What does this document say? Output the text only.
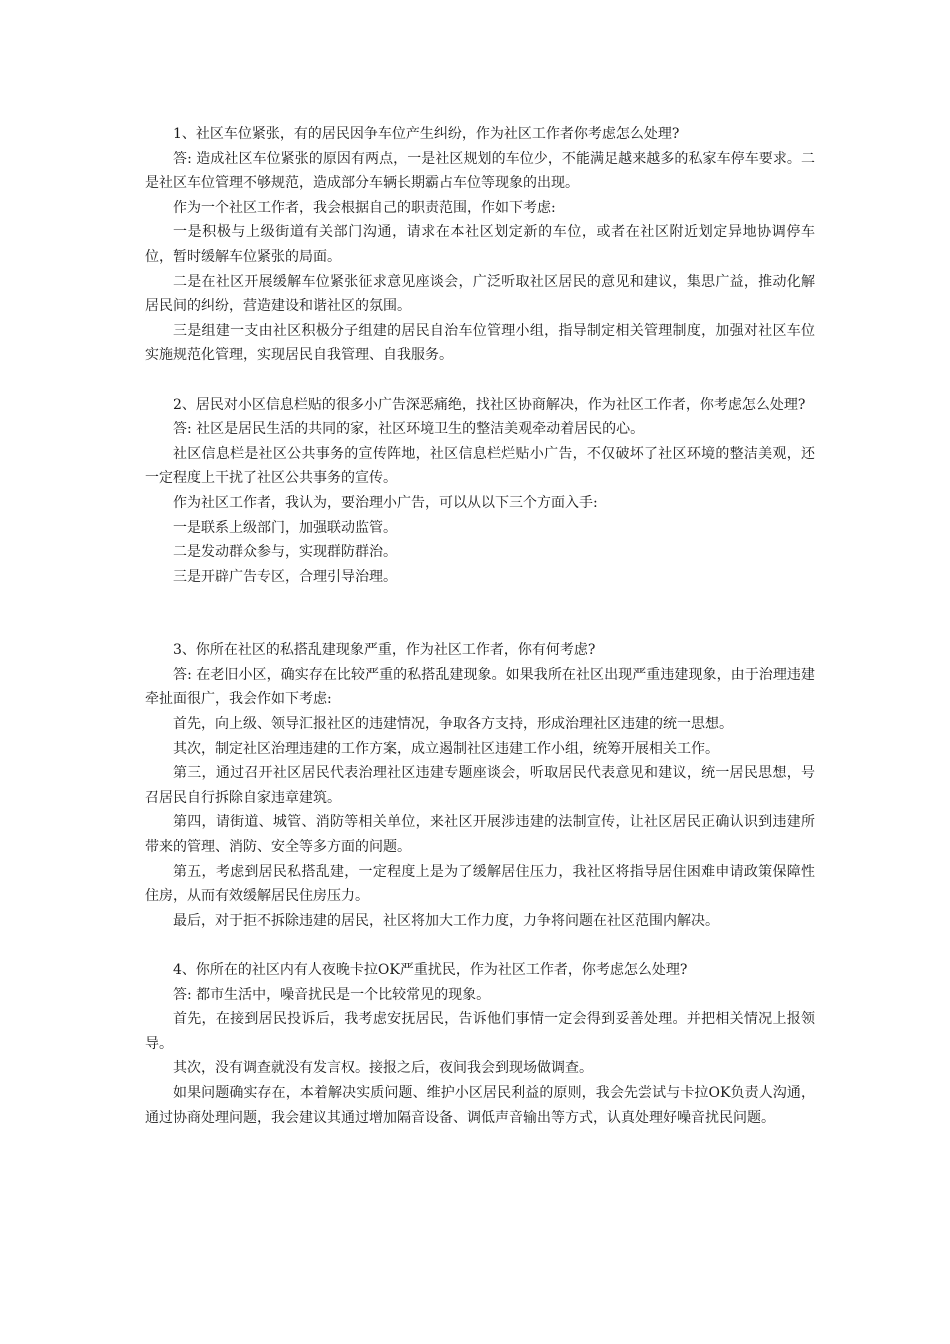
1、社区车位紧张，有的居民因争车位产生纠纷，作为社区工作者你考虑怎么处理?

答: 造成社区车位紧张的原因有两点，一是社区规划的车位少，不能满足越来越多的私家车停车要求。二是社区车位管理不够规范，造成部分车辆长期霸占车位等现象的出现。

作为一个社区工作者，我会根据自己的职责范围，作如下考虑:

一是积极与上级街道有关部门沟通，请求在本社区划定新的车位，或者在社区附近划定异地协调停车位，暂时缓解车位紧张的局面。

二是在社区开展缓解车位紧张征求意见座谈会，广泛听取社区居民的意见和建议，集思广益，推动化解居民间的纠纷，营造建设和谐社区的氛围。

三是组建一支由社区积极分子组建的居民自治车位管理小组，指导制定相关管理制度，加强对社区车位实施规范化管理，实现居民自我管理、自我服务。

2、居民对小区信息栏贴的很多小广告深恶痛绝，找社区协商解决，作为社区工作者，你考虑怎么处理?

答: 社区是居民生活的共同的家，社区环境卫生的整洁美观牵动着居民的心。

社区信息栏是社区公共事务的宣传阵地，社区信息栏烂贴小广告，不仅破坏了社区环境的整洁美观，还一定程度上干扰了社区公共事务的宣传。

作为社区工作者，我认为，要治理小广告，可以从以下三个方面入手:

一是联系上级部门，加强联动监管。

二是发动群众参与，实现群防群治。

三是开辟广告专区，合理引导治理。

3、你所在社区的私搭乱建现象严重，作为社区工作者，你有何考虑?

答: 在老旧小区，确实存在比较严重的私搭乱建现象。如果我所在社区出现严重违建现象，由于治理违建牵扯面很广，我会作如下考虑:

首先，向上级、领导汇报社区的违建情况，争取各方支持，形成治理社区违建的统一思想。

其次，制定社区治理违建的工作方案，成立遏制社区违建工作小组，统筹开展相关工作。

第三，通过召开社区居民代表治理社区违建专题座谈会，听取居民代表意见和建议，统一居民思想，号召居民自行拆除自家违章建筑。

第四，请街道、城管、消防等相关单位，来社区开展涉违建的法制宣传，让社区居民正确认识到违建所带来的管理、消防、安全等多方面的问题。

第五，考虑到居民私搭乱建，一定程度上是为了缓解居住压力，我社区将指导居住困难申请政策保障性住房，从而有效缓解居民住房压力。

最后，对于拒不拆除违建的居民，社区将加大工作力度，力争将问题在社区范围内解决。

4、你所在的社区内有人夜晚卡拉OK严重扰民，作为社区工作者，你考虑怎么处理?

答: 都市生活中，噪音扰民是一个比较常见的现象。

首先，在接到居民投诉后，我考虑安抚居民，告诉他们事情一定会得到妥善处理。并把相关情况上报领导。

其次，没有调查就没有发言权。接报之后，夜间我会到现场做调查。

如果问题确实存在，本着解决实质问题、维护小区居民利益的原则，我会先尝试与卡拉OK负责人沟通，通过协商处理问题，我会建议其通过增加隔音设备、调低声音输出等方式，认真处理好噪音扰民问题。
